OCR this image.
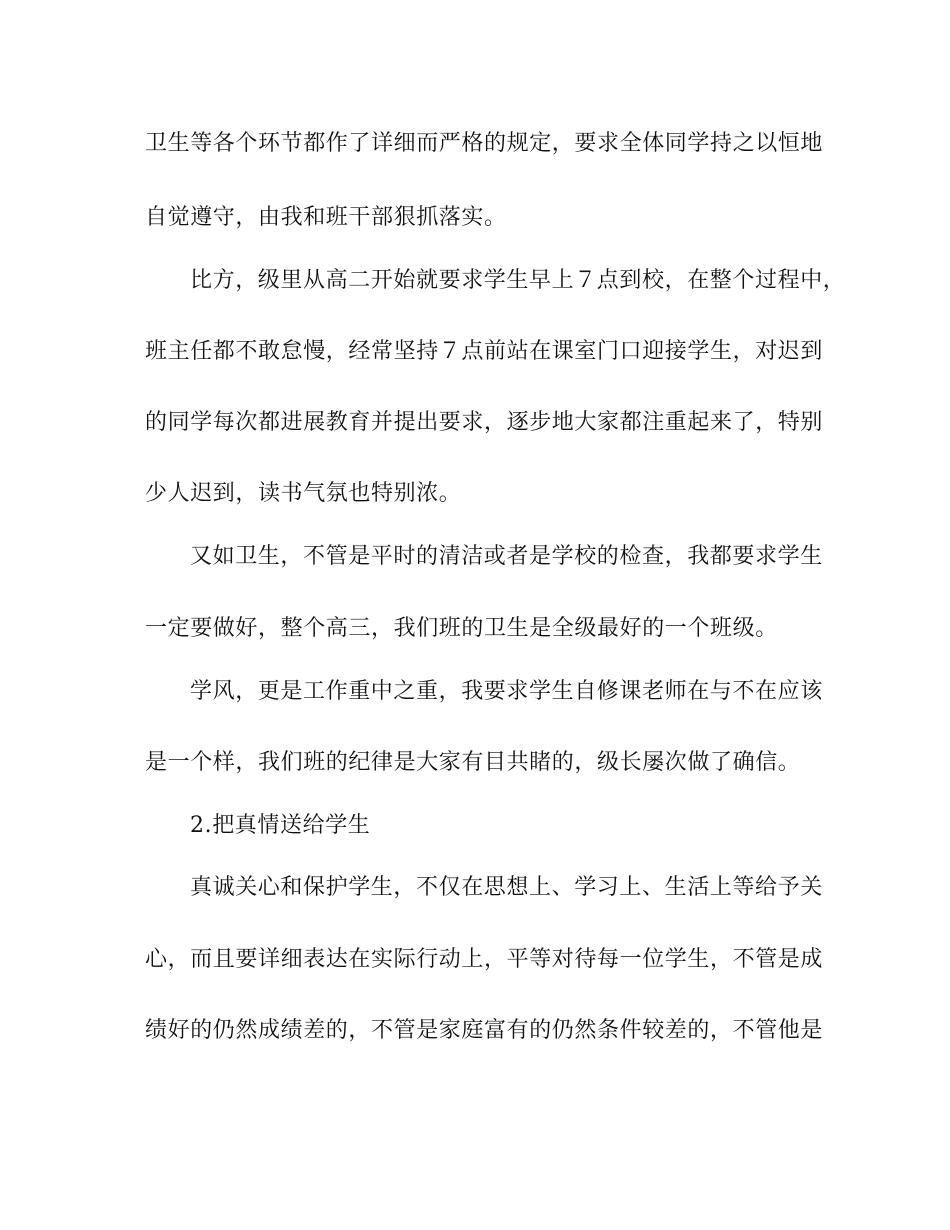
卫生等各个环节都作了详细而严格的规定，要求全体同学持之以恒地
自觉遵守，由我和班干部狠抓落实。
比方，级里从高二开始就要求学生早上７点到校，在整个过程中，
班主任都不敢怠慢，经常坚持７点前站在课室门口迎接学生，对迟到
的同学每次都进展教育并提出要求，逐步地大家都注重起来了，特别
少人迟到，读书气氛也特别浓。
又如卫生，不管是平时的清洁或者是学校的检查，我都要求学生
一定要做好，整个高三，我们班的卫生是全级最好的一个班级。
学风，更是工作重中之重，我要求学生自修课老师在与不在应该
是一个样，我们班的纪律是大家有目共睹的，级长屡次做了确信。
2.把真情送给学生
真诚关心和保护学生，不仅在思想上、学习上、生活上等给予关
心，而且要详细表达在实际行动上，平等对待每一位学生，不管是成
绩好的仍然成绩差的，不管是家庭富有的仍然条件较差的，不管他是
